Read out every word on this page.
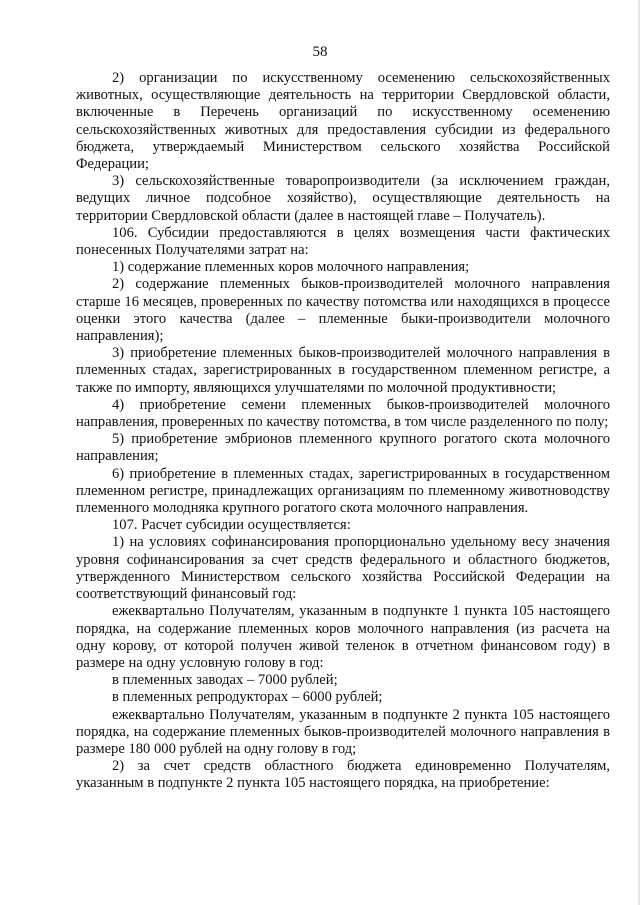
58

2) организации по искусственному осеменению сельскохозяйственных животных, осуществляющие деятельность на территории Свердловской области, включенные в Перечень организаций по искусственному осеменению сельскохозяйственных животных для предоставления субсидии из федерального бюджета, утверждаемый Министерством сельского хозяйства Российской Федерации;

3) сельскохозяйственные товаропроизводители (за исключением граждан, ведущих личное подсобное хозяйство), осуществляющие деятельность на территории Свердловской области (далее в настоящей главе – Получатель).

106. Субсидии предоставляются в целях возмещения части фактических понесенных Получателями затрат на:

1) содержание племенных коров молочного направления;

2) содержание племенных быков-производителей молочного направления старше 16 месяцев, проверенных по качеству потомства или находящихся в процессе оценки этого качества (далее – племенные быки-производители молочного направления);

3) приобретение племенных быков-производителей молочного направления в племенных стадах, зарегистрированных в государственном племенном регистре, а также по импорту, являющихся улучшателями по молочной продуктивности;

4) приобретение семени племенных быков-производителей молочного направления, проверенных по качеству потомства, в том числе разделенного по полу;

5) приобретение эмбрионов племенного крупного рогатого скота молочного направления;

6) приобретение в племенных стадах, зарегистрированных в государственном племенном регистре, принадлежащих организациям по племенному животноводству племенного молодняка крупного рогатого скота молочного направления.

107. Расчет субсидии осуществляется:

1) на условиях софинансирования пропорционально удельному весу значения уровня софинансирования за счет средств федерального и областного бюджетов, утвержденного Министерством сельского хозяйства Российской Федерации на соответствующий финансовый год:

ежеквартально Получателям, указанным в подпункте 1 пункта 105 настоящего порядка, на содержание племенных коров молочного направления (из расчета на одну корову, от которой получен живой теленок в отчетном финансовом году) в размере на одну условную голову в год:

в племенных заводах – 7000 рублей;

в племенных репродукторах – 6000 рублей;

ежеквартально Получателям, указанным в подпункте 2 пункта 105 настоящего порядка, на содержание племенных быков-производителей молочного направления в размере 180 000 рублей на одну голову в год;

2) за счет средств областного бюджета единовременно Получателям, указанным в подпункте 2 пункта 105 настоящего порядка, на приобретение:
